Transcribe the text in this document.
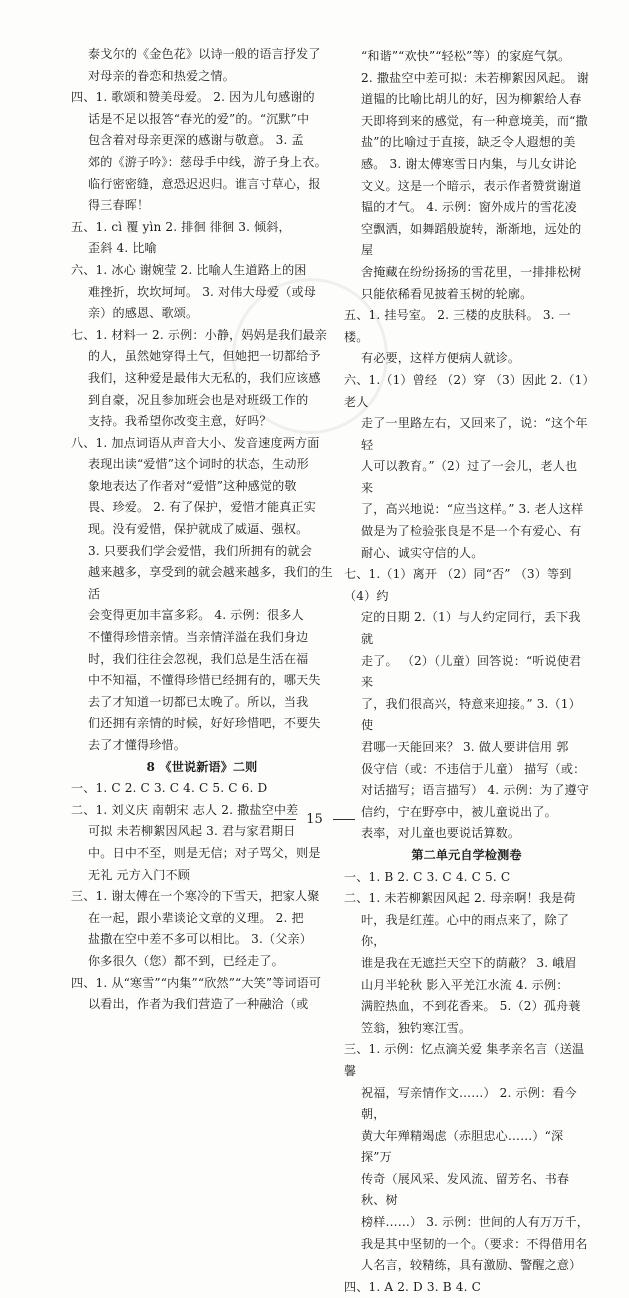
泰戈尔的《金色花》以诗一般的语言抒发了

对母亲的眷恋和热爱之情。

四、1. 歌颂和赞美母爱。 2. 因为儿句感谢的

话是不足以报答“春光的爱”的。“沉默”中

包含着对母亲更深的感谢与敬意。 3. 孟

郊的《游子吟》：慈母手中线，游子身上衣。

临行密密缝，意恐迟迟归。谁言寸草心，报

得三春晖！

五、1. cì 覆 yìn 2. 排徊 徘徊 3. 倾斜，

歪斜 4. 比喻

六、1. 冰心 谢婉莹 2. 比喻人生道路上的困

难挫折，坎坎坷坷。 3. 对伟大母爱（或母

亲）的感恩、歌颂。

七、1. 材料一 2. 示例：小静，妈妈是我们最亲

的人，虽然她穿得土气，但她把一切都给予

我们，这种爱是最伟大无私的，我们应该感

到自豪，况且参加班会也是对班级工作的

支持。我希望你改变主意，好吗？

八、1. 加点词语从声音大小、发音速度两方面

表现出读“爱惜”这个词时的状态，生动形

象地表达了作者对“爱惜”这种感觉的敬

畏、珍爱。 2. 有了保护，爱惜才能真正实

现。没有爱惜，保护就成了威逼、强权。

3. 只要我们学会爱惜，我们所拥有的就会

越来越多，享受到的就会越来越多，我们的生活

会变得更加丰富多彩。 4. 示例：很多人

不懂得珍惜亲情。当亲情洋溢在我们身边

时，我们往往会忽视，我们总是生活在福

中不知福，不懂得珍惜已经拥有的，哪天失

去了才知道一切都已太晚了。所以，当我

们还拥有亲情的时候，好好珍惜吧，不要失

去了才懂得珍惜。

8 《世说新语》二则

一、1. C 2. C 3. C 4. C 5. C 6. D

二、1. 刘义庆 南朝宋 志人 2. 撒盐空中差

可拟 未若柳絮因风起 3. 君与家君期日

中。日中不至，则是无信；对子骂父，则是

无礼 元方入门不顾

三、1. 谢太傅在一个寒冷的下雪天，把家人聚

在一起，跟小辈谈论文章的义理。 2. 把

盐撒在空中差不多可以相比。 3.（父亲）

你多很久（您）都不到，已经走了。

四、1. 从“寒雪”“内集”“欣然”“大笑”等词语可

以看出，作者为我们营造了一种融洽（或

“和谐”“欢快”“轻松”等）的家庭气氛。

2. 撒盐空中差可拟：未若柳絮因风起。 谢

道韫的比喻比胡儿的好，因为柳絮给人春

天即将到来的感觉，有一种意境美，而“撒

盐”的比喻过于直接，缺乏令人遐想的美

感。 3. 谢太傅寒雪日内集，与儿女讲论

文义。这是一个暗示，表示作者赞赏谢道

韫的才气。 4. 示例：窗外成片的雪花凌

空飘洒，如舞蹈般旋转，渐渐地，远处的屋

舍掩藏在纷纷扬扬的雪花里，一排排松树

只能依稀看见披着玉树的轮廓。

五、1. 挂号室。 2. 三楼的皮肤科。 3. 一楼。

有必要，这样方便病人就诊。

六、1.（1）曾经 （2）穿 （3）因此 2.（1）老人

走了一里路左右，又回来了，说：“这个年轻

人可以教育。”（2）过了一会儿，老人也来

了，高兴地说：“应当这样。” 3. 老人这样

做是为了检验张良是不是一个有爱心、有

耐心、诚实守信的人。

七、1.（1）离开 （2）同“否” （3）等到 （4）约

定的日期 2.（1）与人约定同行，丢下我就

走了。 （2）（儿童）回答说：“听说使君来

了，我们很高兴，特意来迎接。” 3.（1）使

君哪一天能回来？ 3. 做人要讲信用 郭

伋守信（或：不违信于儿童） 描写（或：

对话描写；语言描写） 4. 示例：为了遵守

信约，宁在野亭中，被儿童说出了。

表率，对儿童也要说话算数。

第二单元自学检测卷

一、1. B 2. C 3. C 4. C 5. C

二、1. 未若柳絮因风起 2. 母亲啊！我是荷

叶，我是红莲。心中的雨点来了，除了你，

谁是我在无遮拦天空下的荫蔽？ 3. 峨眉

山月半轮秋 影入平羌江水流 4. 示例：

满腔热血，不到花香来。 5.（2）孤舟蓑

笠翁，独钓寒江雪。

三、1. 示例：忆点滴关爱 集孝亲名言（送温馨

祝福，写亲情作文……） 2. 示例：看今朝，

黄大年殚精竭虑（赤胆忠心……）“深探”万

传奇（展风采、发风流、留芳名、书春秋、树

榜样……） 3. 示例：世间的人有万万千，

我是其中坚韧的一个。（要求：不得借用名

人名言，较精练，具有激励、警醒之意）

四、1. A 2. D 3. B 4. C

15
